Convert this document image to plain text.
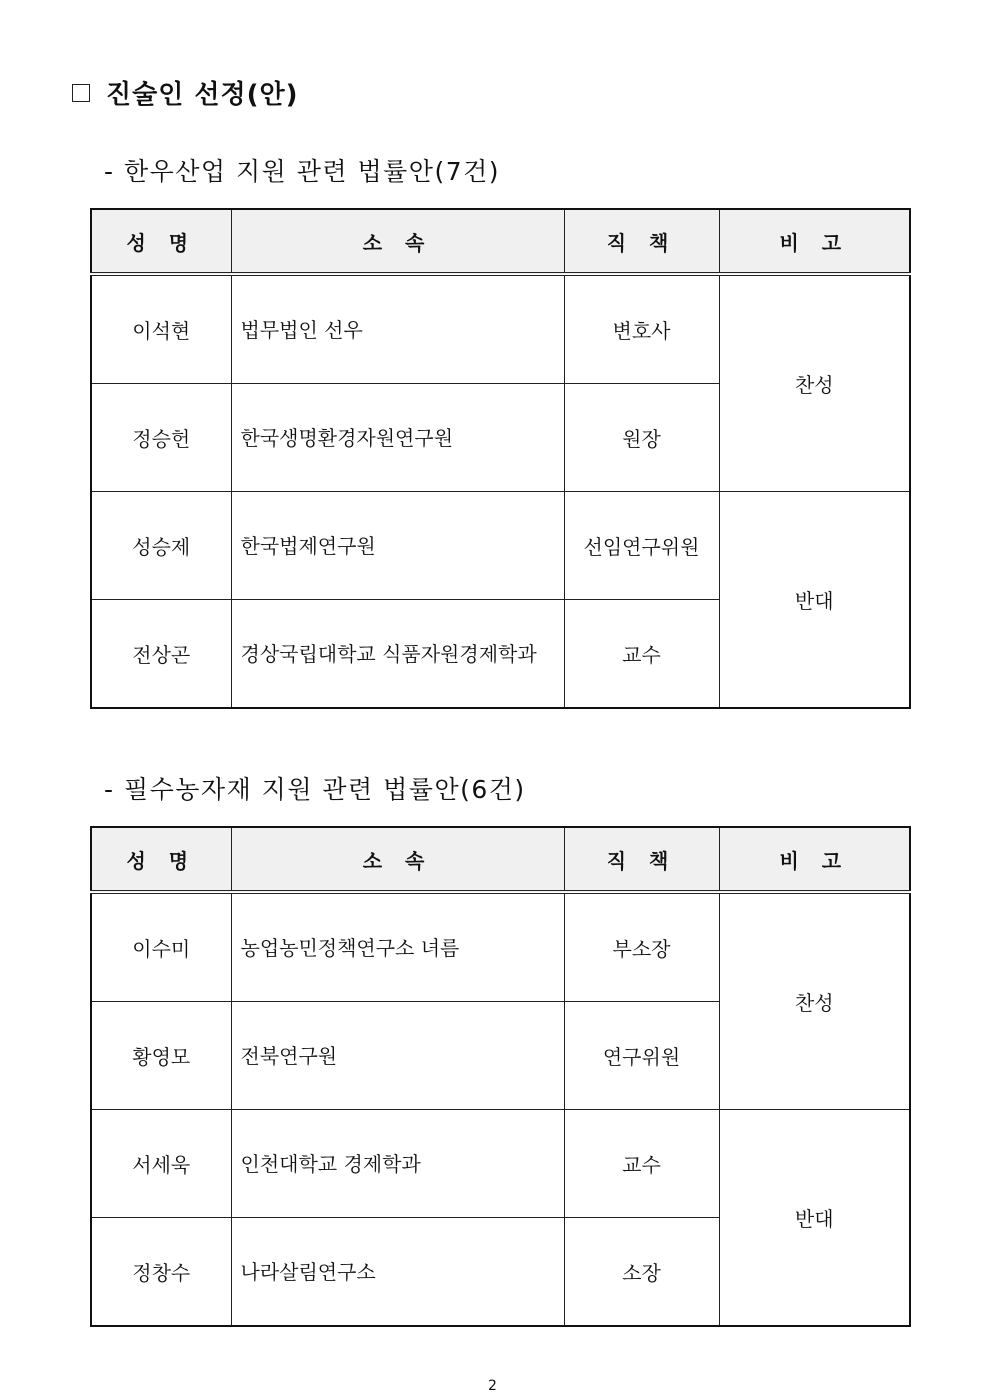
진술인 선정(안)
- 한우산업 지원 관련 법률안(7건)
성 명	소 속	직 책	비 고
이석현	법무법인 선우	변호사	찬성
정승헌	한국생명환경자원연구원	원장	
성승제	한국법제연구원	선임연구위원	반대
전상곤	경상국립대학교 식품자원경제학과	교수	
- 필수농자재 지원 관련 법률안(6건)
성 명	소 속	직 책	비 고
이수미	농업농민정책연구소 녀름	부소장	찬성
황영모	전북연구원	연구위원	
서세욱	인천대학교 경제학과	교수	반대
정창수	나라살림연구소	소장	
2
